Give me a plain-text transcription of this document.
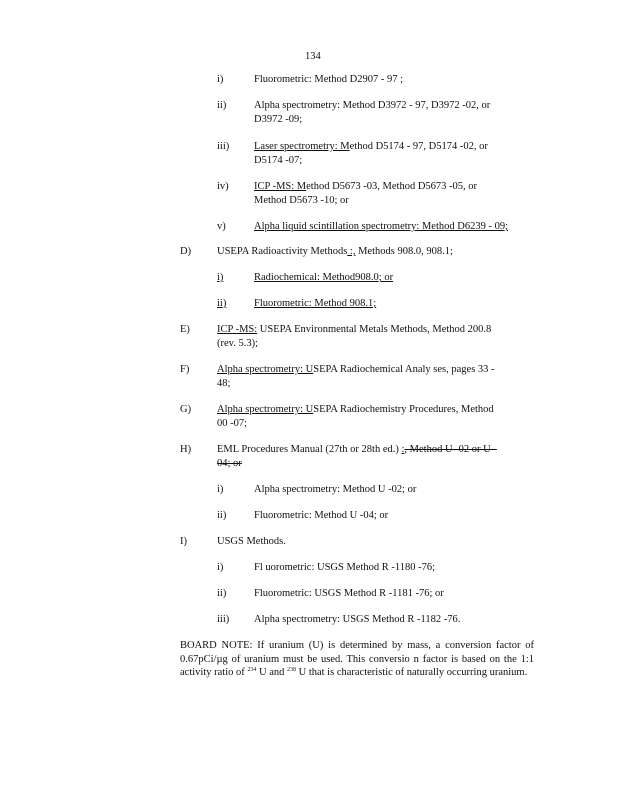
134
i)	Fluorometric: Method D2907 - 97 ;
ii)	Alpha spectrometry: Method D3972 - 97, D3972 -02, or
D3972 -09;
iii) Laser spectrometry: Method D5174 - 97, D5174 -02, or
D5174 -07;
iv) ICP -MS: Method D5673 -03, Method D5673 -05, or
Method D5673 -10; or
v)	Alpha liquid scintillation spectrometry: Method D6239 - 09;
D) USEPA Radioactivity Methods :, Methods 908.0, 908.1;
i)	Radiochemical: Method908.0; or
ii)	Fluorometric: Method 908.1;
E)	ICP -MS: USEPA Environmental Metals Methods, Method 200.8
(rev. 5.3);
F)	Alpha spectrometry: USEPA Radiochemical Analy ses, pages 33 -
48;
G) Alpha spectrometry: USEPA Radiochemistry Procedures, Method
00 -07;
H) EML Procedures Manual (27th or 28th ed.) :, Method U -02 or U -
04; or
i)	Alpha spectrometry: Method U -02; or
ii)	Fluorometric: Method U -04; or
I)	USGS Methods.
i)	Fl uorometric: USGS Method R -1180 -76;
ii)	Fluorometric: USGS Method R -1181 -76; or
iii) Alpha spectrometry: USGS Method R -1182 -76.
BOARD NOTE: If uranium (U) is determined by mass, a conversion factor of 0.67pCi/µg of uranium must be used. This conversio n factor is based on the 1:1 activity ratio of $^{234}$ U and $^{238}$ U that is characteristic of naturally occurring uranium.
